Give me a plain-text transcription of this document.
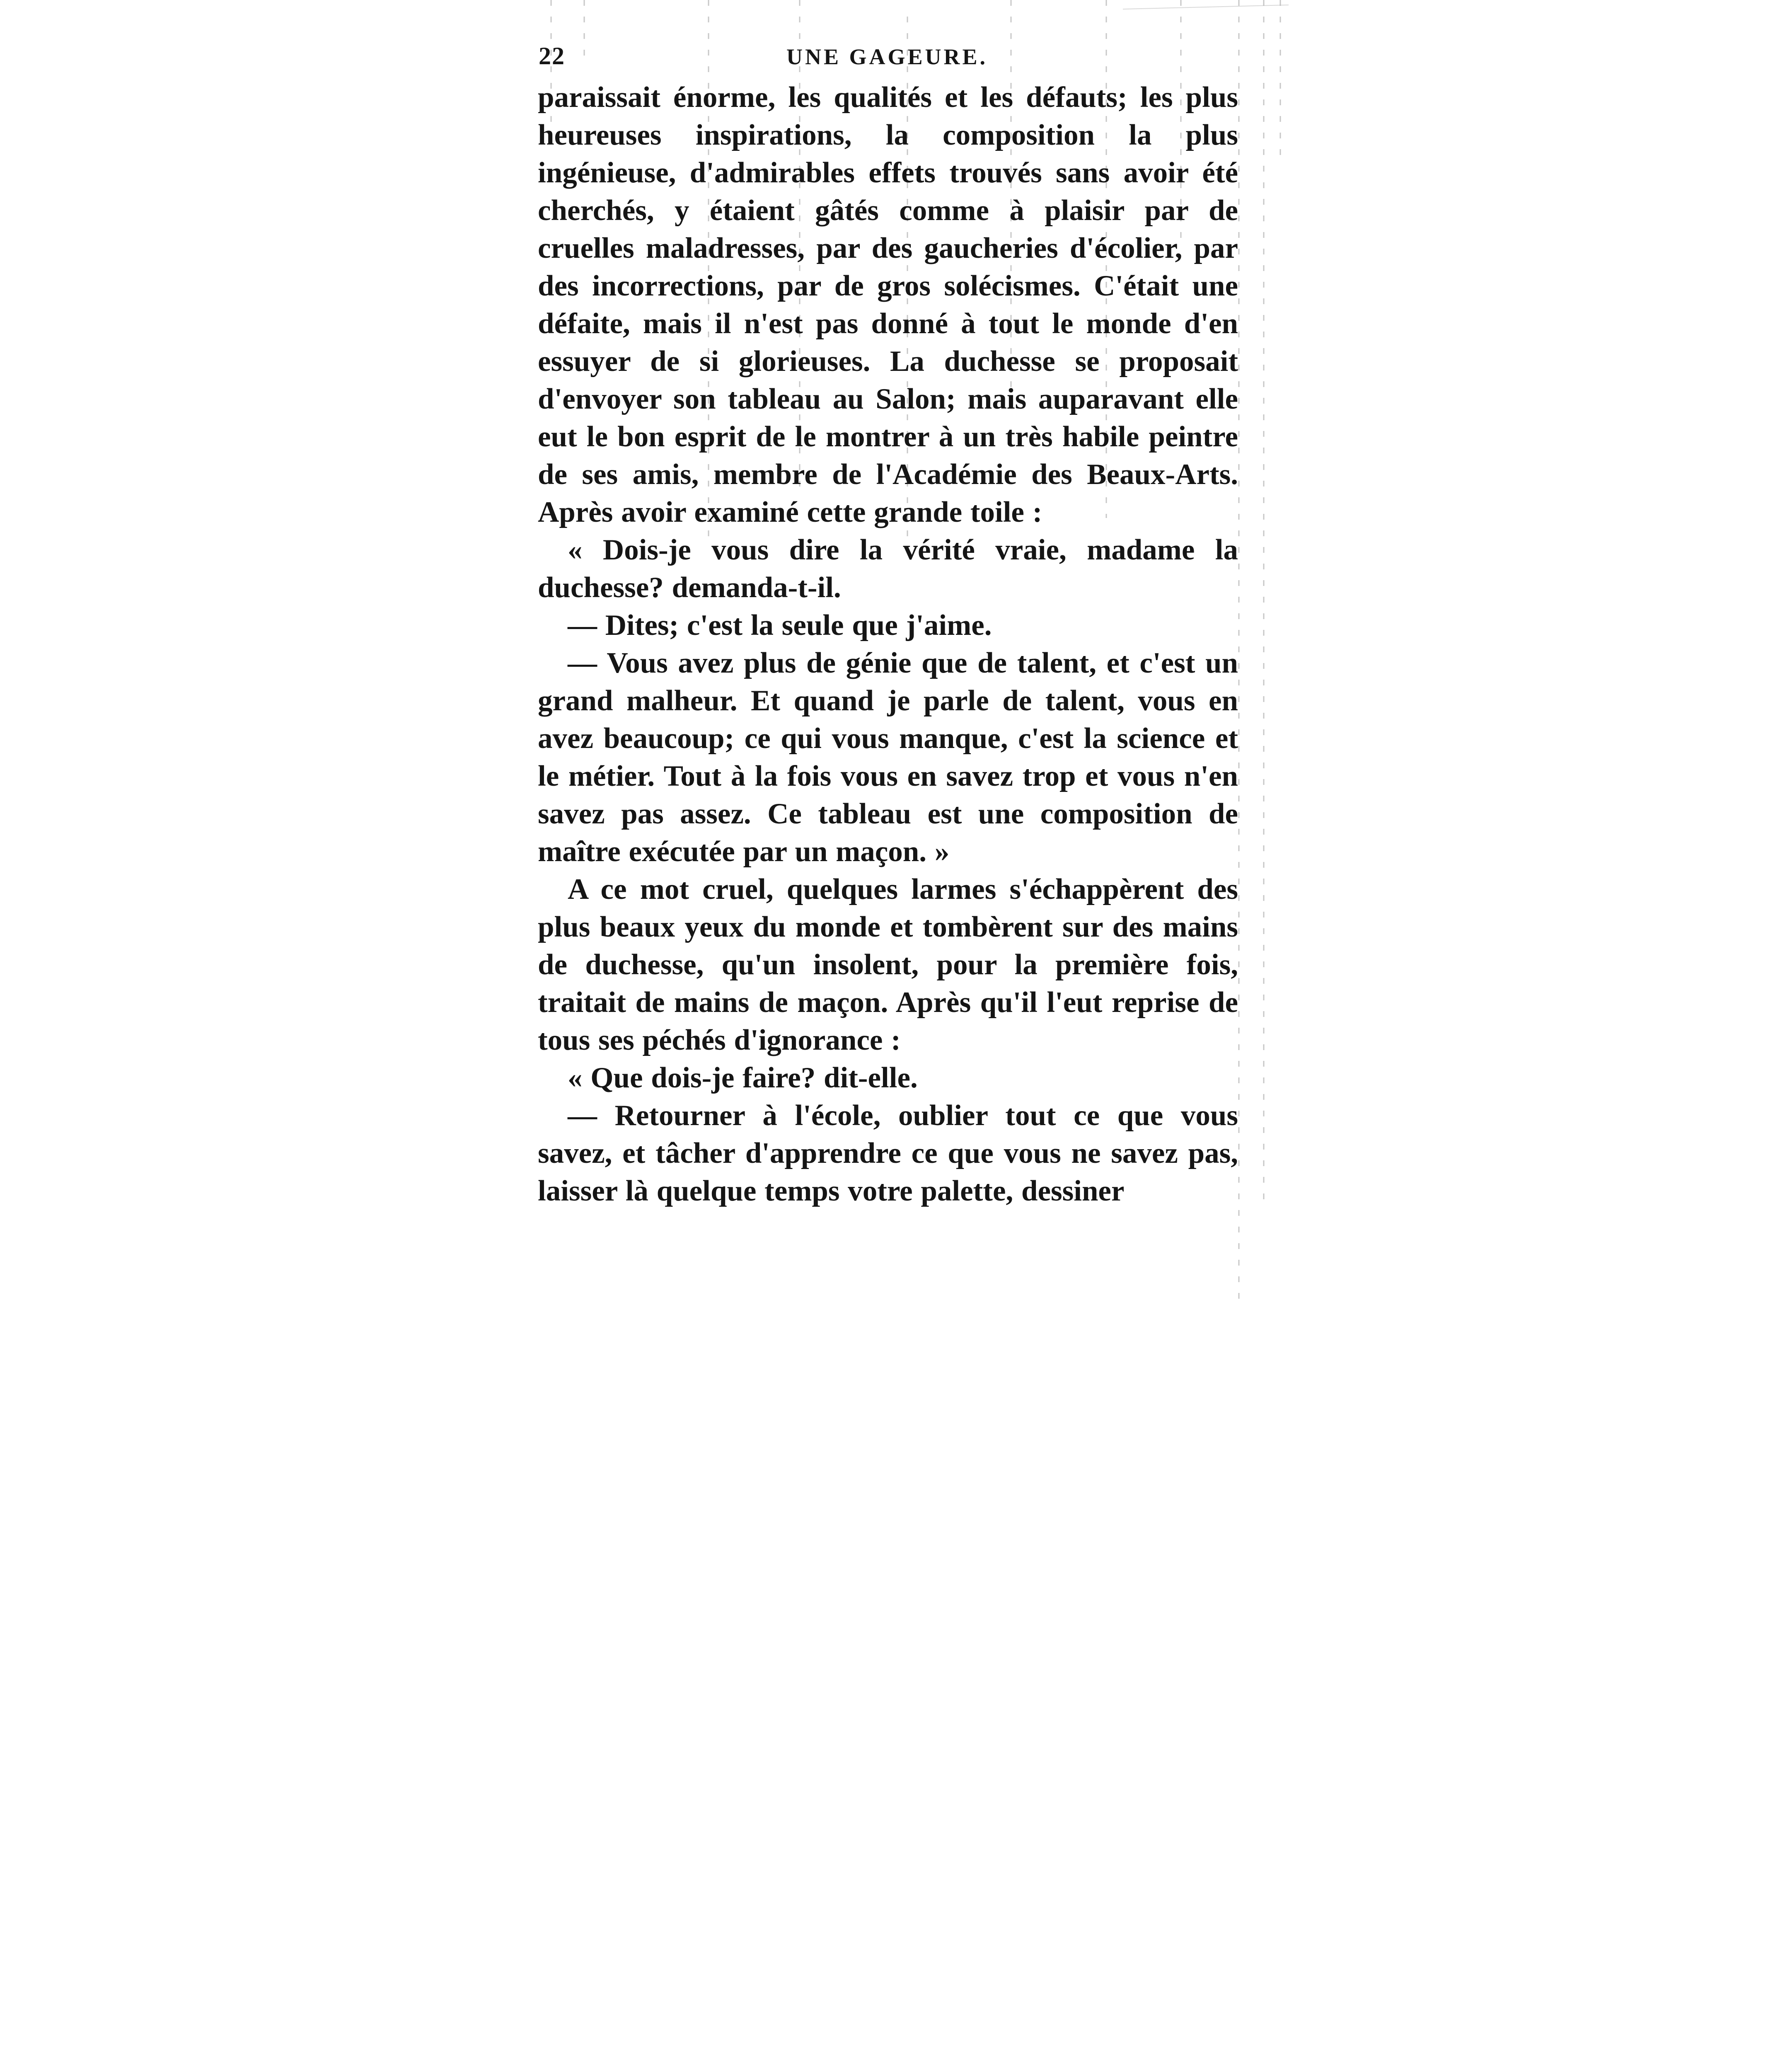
22	UNE GAGEURE.

paraissait énorme, les qualités et les défauts; les plus heureuses inspirations, la composition la plus ingénieuse, d'admirables effets trouvés sans avoir été cherchés, y étaient gâtés comme à plaisir par de cruelles maladresses, par des gaucheries d'écolier, par des incorrections, par de gros solécismes. C'était une défaite, mais il n'est pas donné à tout le monde d'en essuyer de si glorieuses. La duchesse se proposait d'envoyer son tableau au Salon; mais auparavant elle eut le bon esprit de le montrer à un très habile peintre de ses amis, membre de l'Académie des Beaux-Arts. Après avoir examiné cette grande toile :

« Dois-je vous dire la vérité vraie, madame la duchesse? demanda-t-il.

— Dites; c'est la seule que j'aime.

— Vous avez plus de génie que de talent, et c'est un grand malheur. Et quand je parle de talent, vous en avez beaucoup; ce qui vous manque, c'est la science et le métier. Tout à la fois vous en savez trop et vous n'en savez pas assez. Ce tableau est une composition de maître exécutée par un maçon. »

A ce mot cruel, quelques larmes s'échappèrent des plus beaux yeux du monde et tombèrent sur des mains de duchesse, qu'un insolent, pour la première fois, traitait de mains de maçon. Après qu'il l'eut reprise de tous ses péchés d'ignorance :

« Que dois-je faire? dit-elle.

— Retourner à l'école, oublier tout ce que vous savez, et tâcher d'apprendre ce que vous ne savez pas, laisser là quelque temps votre palette, dessiner
